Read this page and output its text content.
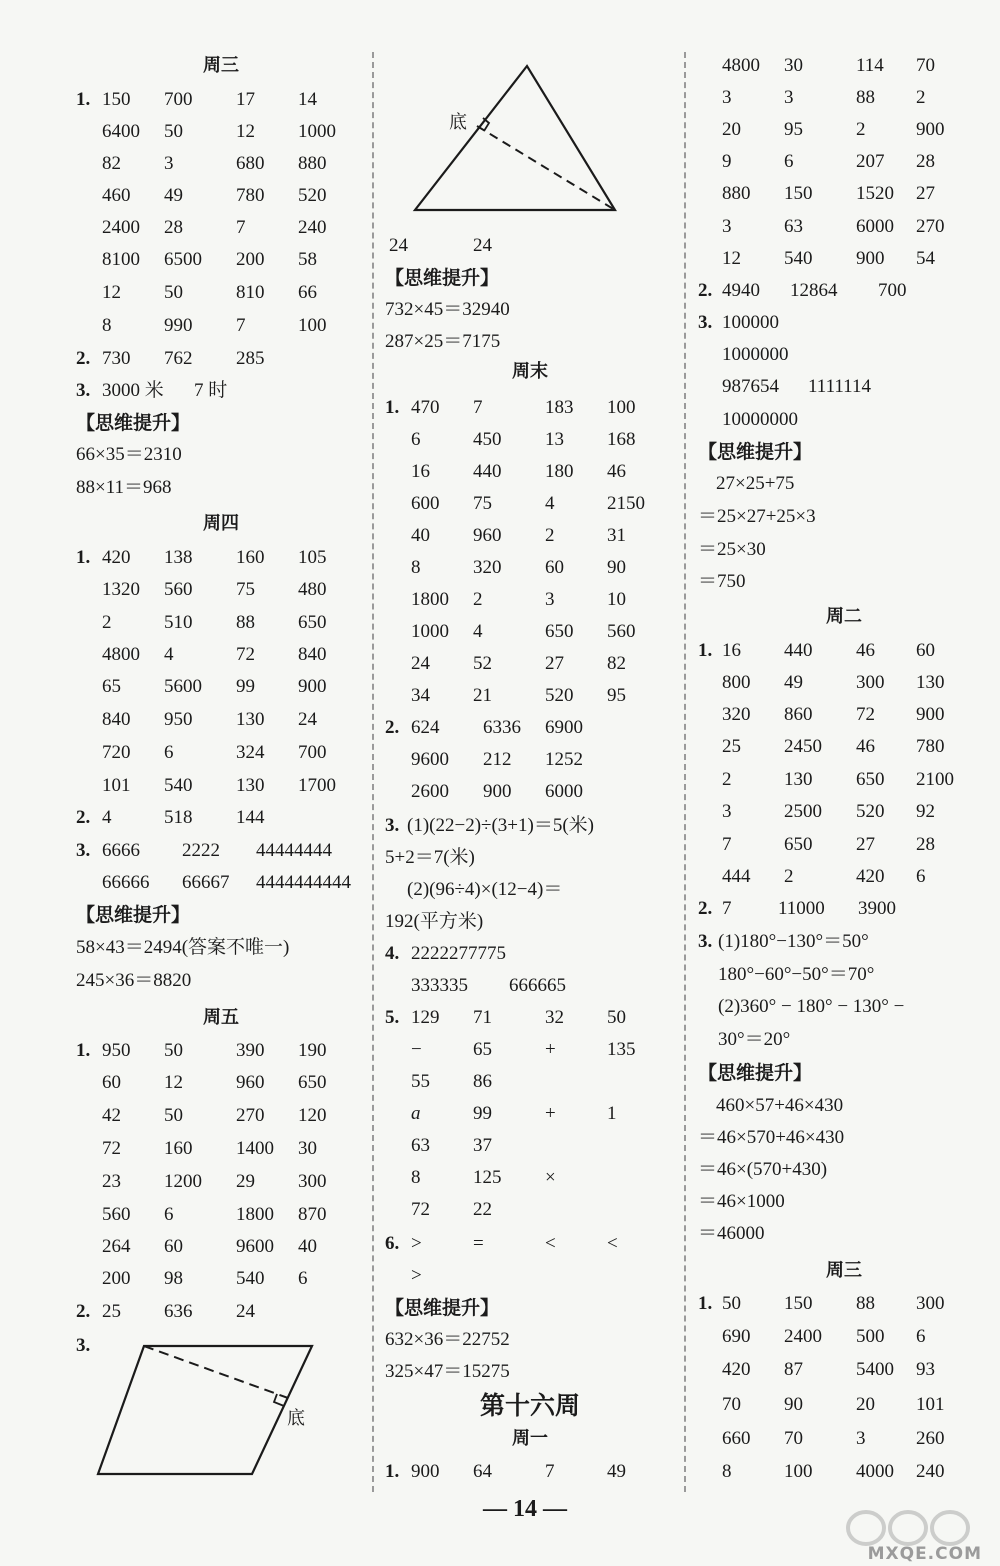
周三
1. 150 700 17 14
6400 50	12 1000
82 3	680 880
460 49	780 520
2400 28	7	240
8100 6500 200 58
12 50	810 66
8	990 7	100
2. 730 762 285
3. 3000 米 7 时
【思维提升】
66×35＝2310
88×11＝968
周四
1. 420 138 160 105
1320 560 75 480
2	510 88 650
4800 4	72 840
65 5600 99 900
840 950 130 24
720 6	324 700
101 540 130 1700
2. 4	518 144
3. 6666 2222 44444444
66666 66667 4444444444
【思维提升】
58×43＝2494(答案不唯一)
245×36＝8820
周五
1. 950 50	390 190
60 12	960 650
42 50	270 120
72 160 1400 30
23 1200 29 300
560 6	1800 870
264 60	9600 40
200 98	540 6
2. 25 636 24
3.
底
底
24	24
【思维提升】
732×45＝32940
287×25＝7175
周末
1. 470 7	183 100
6	450 13 168
16 440 180 46
600 75	4	2150
40 960 2	31
8	320 60 90
1800 2	3	10
1000 4	650 560
24 52	27 82
34 21	520 95
2. 624 6336 6900
9600 212 1252
2600 900 6000
3. (1)(22−2)÷(3+1)＝5(米)
5+2＝7(米)
(2)(96÷4)×(12−4)＝
192(平方米)
4. 2222277775
333335 666665
5. 129 71	32 50
−	65	+	135
55 86
a	99	+	1
63 37
8	125 ×
72 22
6. >	=	<	<
>
【思维提升】
632×36＝22752
325×47＝15275
第十六周
周一
1. 900 64	7	49
4800 30	114 70
3	3	88 2
20 95	2	900
9	6	207 28
880 150 1520 27
3	63	6000 270
12 540 900 54
2. 4940 12864 700
3. 100000
1000000
987654 1111114
10000000
【思维提升】
27×25+75
＝25×27+25×3
＝25×30
＝750
周二
1. 16 440 46 60
800 49	300 130
320 860 72 900
25 2450 46 780
2	130 650 2100
3	2500 520 92
7	650 27 28
444 2	420 6
2. 7 11000 3900
3. (1)180°−130°＝50°
180°−60°−50°＝70°
(2)360° − 180° − 130° −
30°＝20°
【思维提升】
460×57+46×430
＝46×570+46×430
＝46×(570+430)
＝46×1000
＝46000
周三
1. 50 150 88 300
690 2400 500 6
420 87	5400 93
70 90	20 101
660 70	3	260
8	100 4000 240
— 14 —
MXQE.COM
